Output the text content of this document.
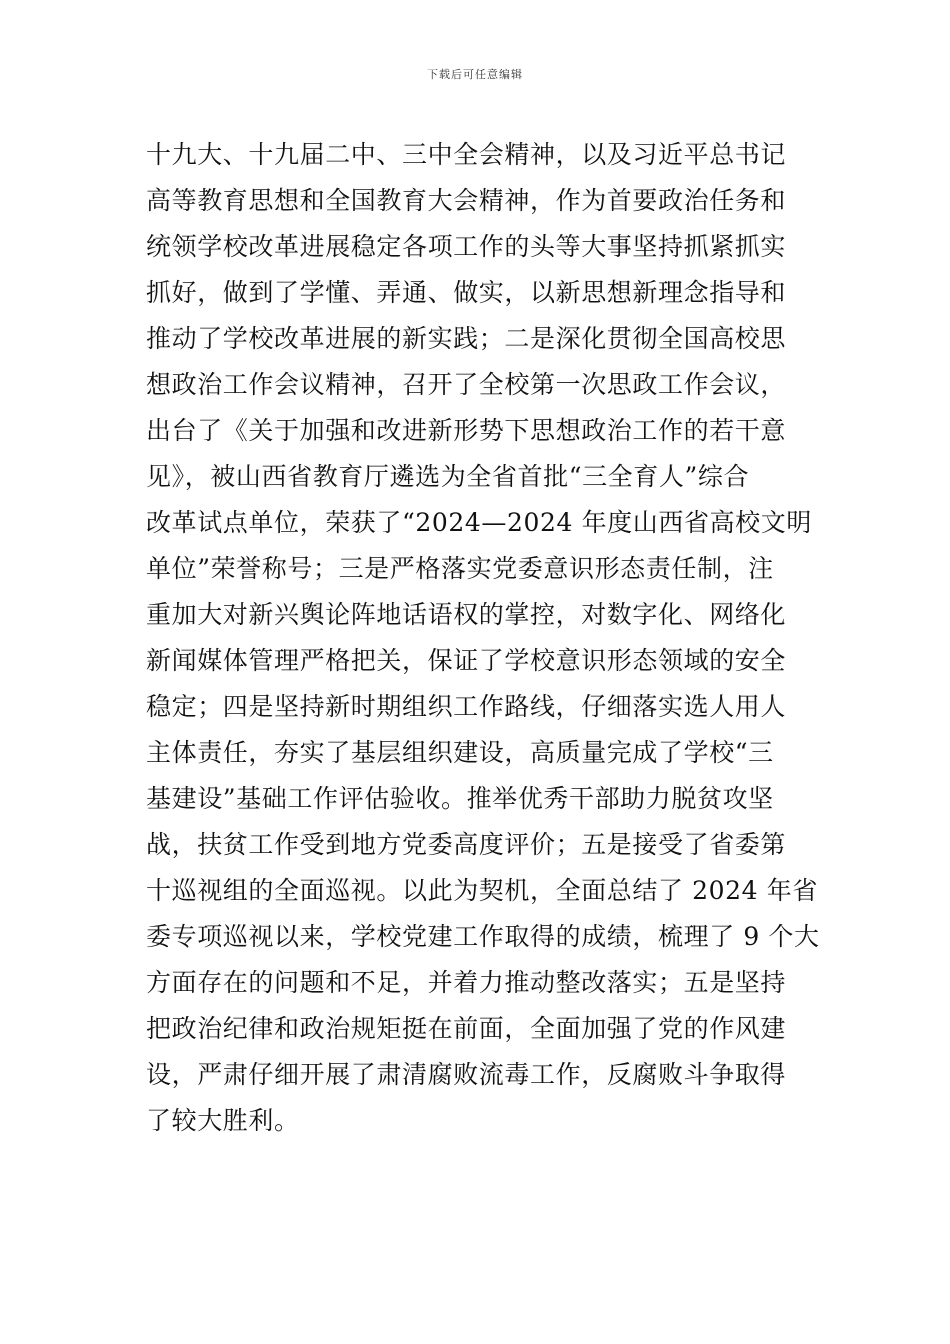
下载后可任意编辑
十九大、十九届二中、三中全会精神，以及习近平总书记
高等教育思想和全国教育大会精神，作为首要政治任务和
统领学校改革进展稳定各项工作的头等大事坚持抓紧抓实
抓好，做到了学懂、弄通、做实，以新思想新理念指导和
推动了学校改革进展的新实践；二是深化贯彻全国高校思
想政治工作会议精神，召开了全校第一次思政工作会议，
出台了《关于加强和改进新形势下思想政治工作的若干意
见》，被山西省教育厅遴选为全省首批“三全育人”综合
改革试点单位，荣获了“2024—2024 年度山西省高校文明
单位”荣誉称号；三是严格落实党委意识形态责任制，注
重加大对新兴舆论阵地话语权的掌控，对数字化、网络化
新闻媒体管理严格把关，保证了学校意识形态领域的安全
稳定；四是坚持新时期组织工作路线，仔细落实选人用人
主体责任，夯实了基层组织建设，高质量完成了学校“三
基建设”基础工作评估验收。推举优秀干部助力脱贫攻坚
战，扶贫工作受到地方党委高度评价；五是接受了省委第
十巡视组的全面巡视。以此为契机，全面总结了 2024 年省
委专项巡视以来，学校党建工作取得的成绩，梳理了 9 个大
方面存在的问题和不足，并着力推动整改落实；五是坚持
把政治纪律和政治规矩挺在前面，全面加强了党的作风建
设，严肃仔细开展了肃清腐败流毒工作，反腐败斗争取得
了较大胜利。
